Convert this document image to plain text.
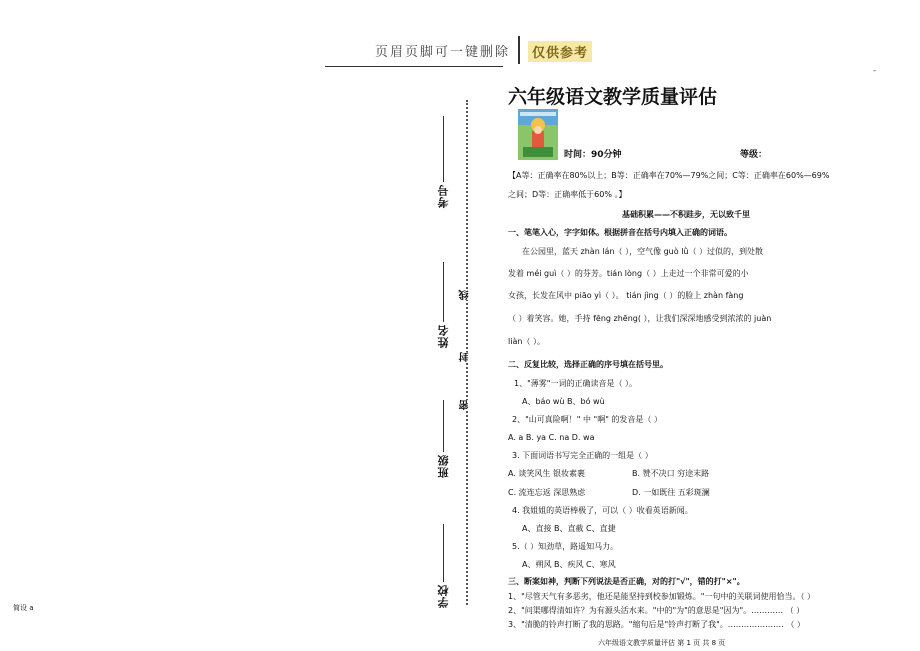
页眉页脚可一键删除	仅供参考
-
线
封
密
考号
姓名
班级
学校
六年级语文教学质量评估
时间：90分钟	等级：
【A等：正确率在80%以上；B等：正确率在70%—79%之间；C等：正确率在60%—69%
之间；D等：正确率低于60% 。】
基础积累——不积跬步，无以致千里
一、笔笔入心，字字如体。根据拼音在括号内填入正确的词语。
在公园里，蓝天 zhàn lán（ ），空气像 guò lǜ（ ）过似的，到处散
发着 méi guì（ ）的芬芳。tián lòng（ ）上走过一个非常可爱的小
女孩，长发在风中 piāo yì（ ）。 tián jìng（ ）的脸上 zhàn fàng
（ ）着笑容。她，手持 fēng zhēng( ），让我们深深地感受到浓浓的 juàn
liàn（ ）。
二、反复比较，选择正确的序号填在括号里。
1、"薄雾"一词的正确读音是（ ）。
A、báo wù B、bó wù
2、"山可真险啊！" 中 "啊" 的发音是（ ）
A. a B. ya C. na D. wa
3. 下面词语书写完全正确的一组是（ ）
A. 谈笑风生 银妆素裹	B. 赞不决口 穷途末路
C. 流连忘返 深思熟虑	D. 一如既往 五彩斑澜
4. 我姐姐的英语棒极了，可以（ ）收看英语新闻。
A、直接 B、直截 C、直捷
5.（ ）知劲草，路遥知马力。
A、朔风 B、疾风 C、寒风
三、断案如神，判断下列说法是否正确，对的打"√"，错的打"×"。
1、"尽管天气有多恶劣，他还是能坚持到校参加锻炼。"一句中的关联词使用恰当。（ ）
2、"问渠哪得清如许？为有源头活水来。"中的"为"的意思是"因为"。………… （ ）
3、"清脆的铃声打断了我的思路。"缩句后是"铃声打断了我"。………………… （ ）
六年级语文教学质量评估 第 1 页 共 8 页
简设 a
